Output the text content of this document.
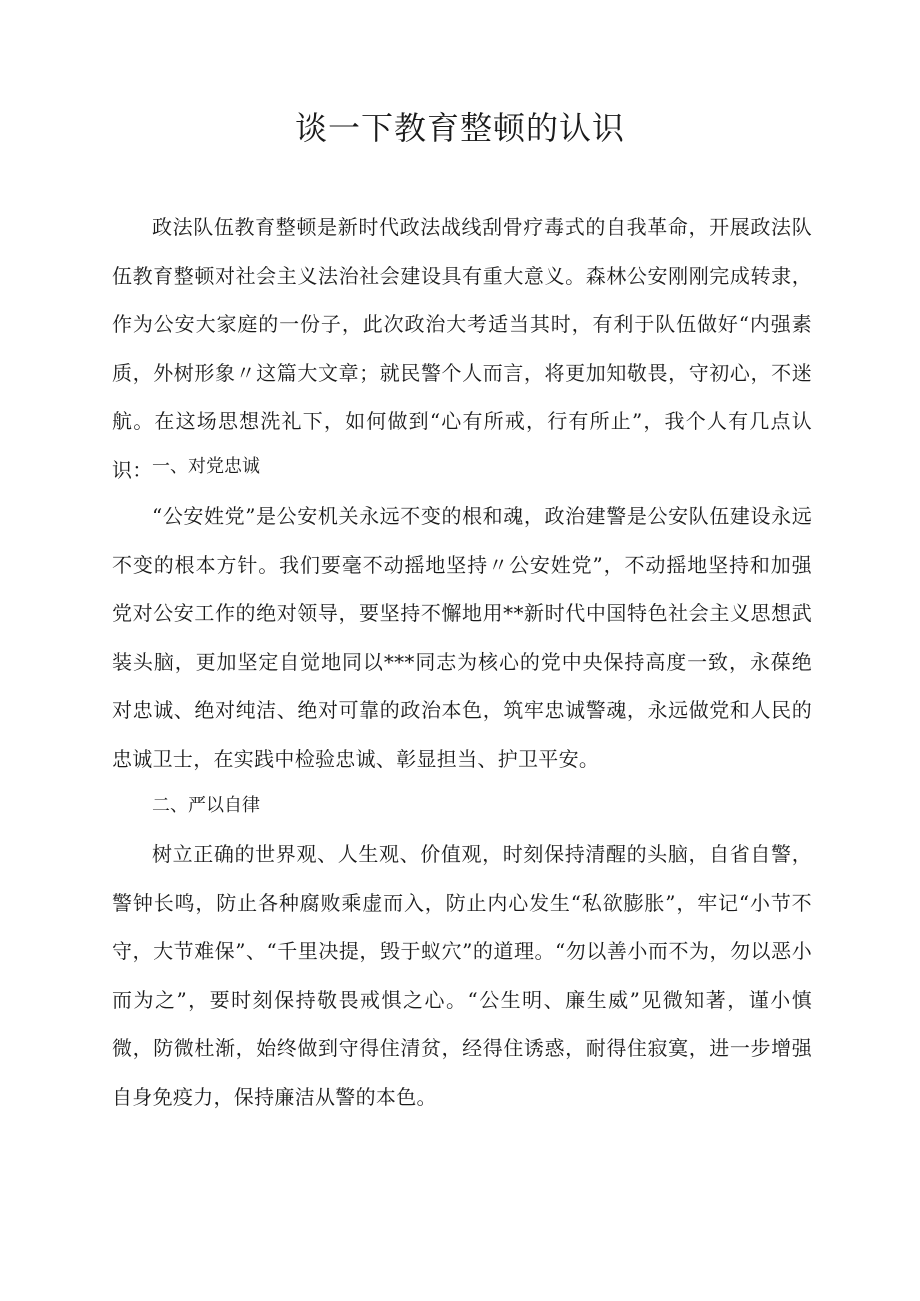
谈一下教育整顿的认识

政法队伍教育整顿是新时代政法战线刮骨疗毒式的自我革命，开展政法队伍教育整顿对社会主义法治社会建设具有重大意义。森林公安刚刚完成转隶，作为公安大家庭的一份子，此次政治大考适当其时，有利于队伍做好“内强素质，外树形象〃这篇大文章；就民警个人而言，将更加知敬畏，守初心，不迷航。在这场思想洗礼下，如何做到“心有所戒，行有所止”，我个人有几点认识： 一、对党忠诚

“公安姓党”是公安机关永远不变的根和魂，政治建警是公安队伍建设永远不变的根本方针。我们要毫不动摇地坚持〃公安姓党”，不动摇地坚持和加强党对公安工作的绝对领导，要坚持不懈地用**新时代中国特色社会主义思想武装头脑，更加坚定自觉地同以***同志为核心的党中央保持高度一致，永葆绝对忠诚、绝对纯洁、绝对可靠的政治本色，筑牢忠诚警魂，永远做党和人民的忠诚卫士，在实践中检验忠诚、彰显担当、护卫平安。

二、严以自律

树立正确的世界观、人生观、价值观，时刻保持清醒的头脑，自省自警，警钟长鸣，防止各种腐败乘虚而入，防止内心发生“私欲膨胀”，牢记“小节不守，大节难保”、“千里决提，毁于蚁穴”的道理。“勿以善小而不为，勿以恶小而为之”，要时刻保持敬畏戒惧之心。“公生明、廉生威”见微知著，谨小慎微，防微杜渐，始终做到守得住清贫，经得住诱惑，耐得住寂寞，进一步增强自身免疫力，保持廉洁从警的本色。
